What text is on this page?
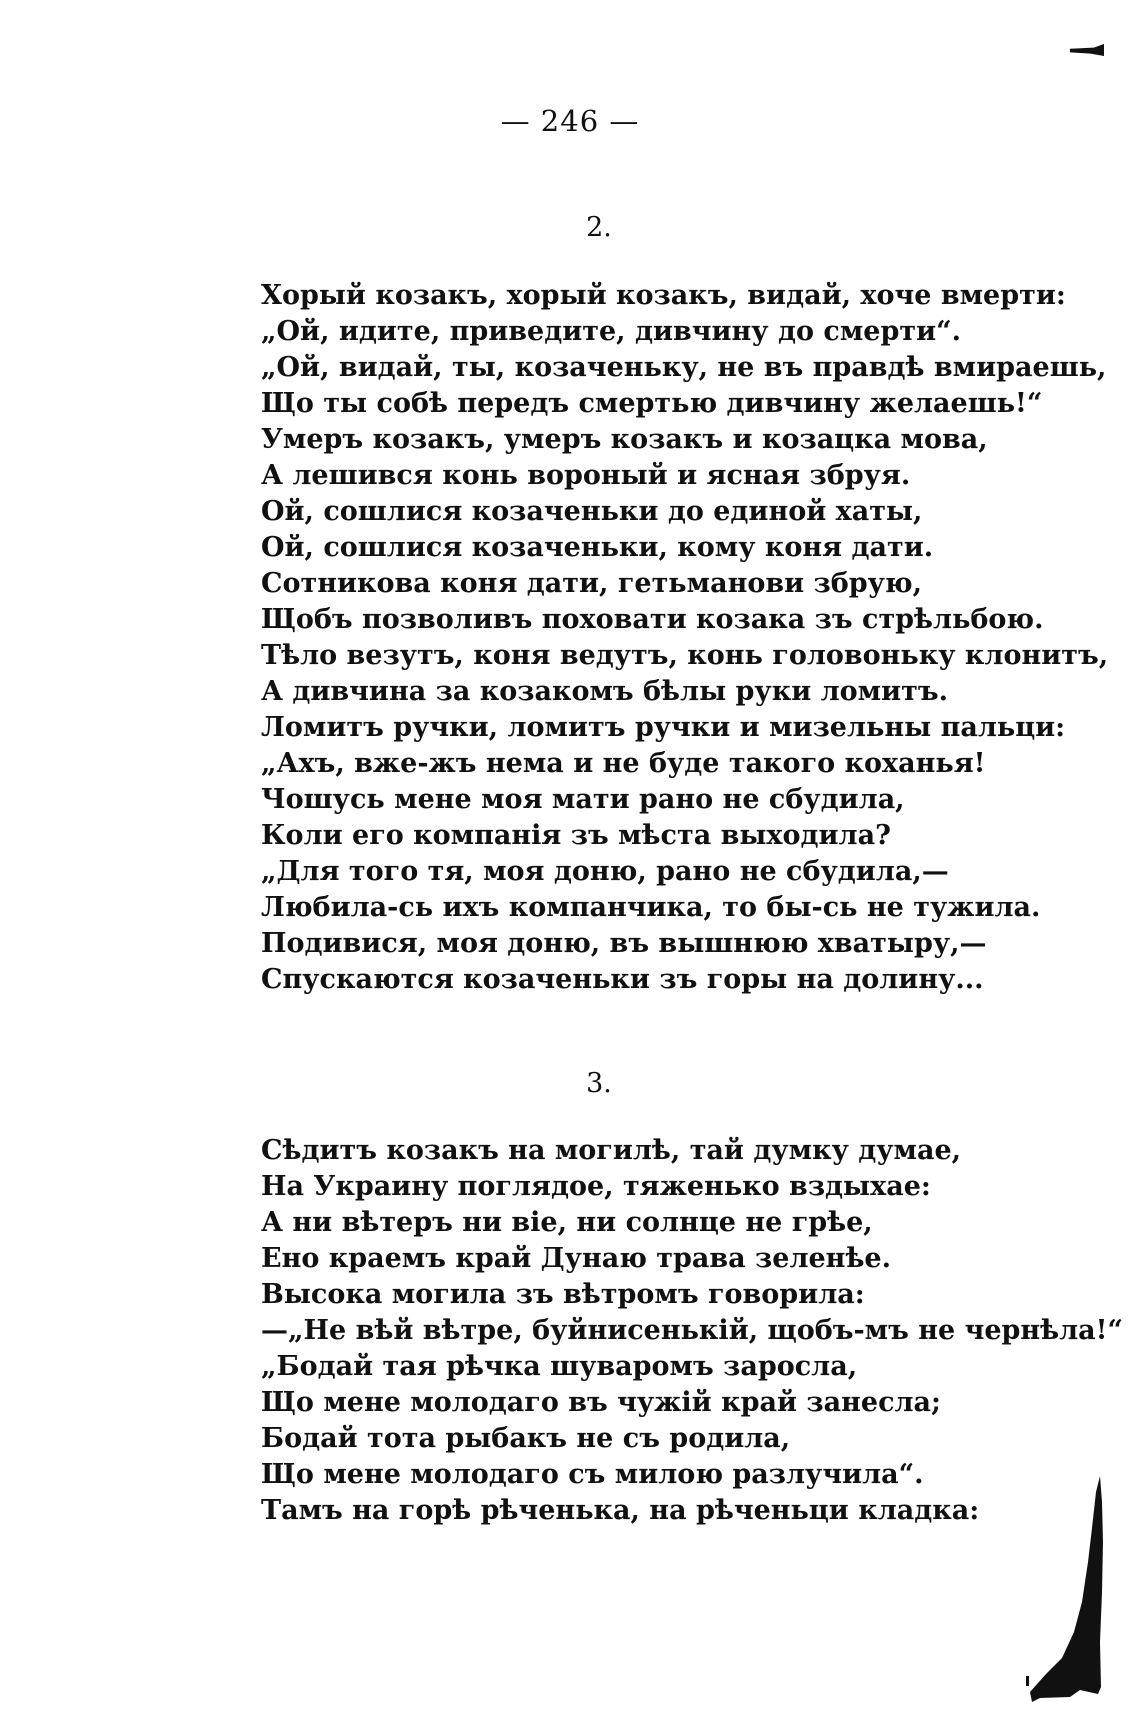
— 246 —
2.
Хорый козакъ, хорый козакъ, видай, хоче вмерти:
„Ой, идите, приведите, дивчину до смерти“.
„Ой, видай, ты, козаченьку, не въ правдѣ вмираешь,
Що ты собѣ передъ смертью дивчину желаешь!“
Умеръ козакъ, умеръ козакъ и козацка мова,
А лешився конь вороный и ясная збруя.
Ой, сошлися козаченьки до единой хаты,
Ой, сошлися козаченьки, кому коня дати.
Сотникова коня дати, гетьманови збрую,
Щобъ позволивъ поховати козака зъ стрѣльбою.
Тѣло везутъ, коня ведутъ, конь головоньку клонитъ,
А дивчина за козакомъ бѣлы руки ломитъ.
Ломитъ ручки, ломитъ ручки и мизельны пальци:
„Ахъ, вже-жъ нема и не буде такого коханья!
Чошусь мене моя мати рано не сбудила,
Коли его компанія зъ мѣста выходила?
„Для того тя, моя доню, рано не сбудила,—
Любила-сь ихъ компанчика, то бы-сь не тужила.
Подивися, моя доню, въ вышнюю хватыру,—
Спускаются козаченьки зъ горы на долину...
3.
Сѣдитъ козакъ на могилѣ, тай думку думае,
На Украину поглядое, тяженько вздыхае:
А ни вѣтеръ ни віе, ни солнце не грѣе,
Ено краемъ край Дунаю трава зеленѣе.
Высока могила зъ вѣтромъ говорила:
—„Не вѣй вѣтре, буйнисенькій, щобъ-мъ не чернѣла!“
„Бодай тая рѣчка шуваромъ заросла,
Що мене молодаго въ чужій край занесла;
Бодай тота рыбакъ не съ родила,
Що мене молодаго съ милою разлучила“.
Тамъ на горѣ рѣченька, на рѣченьци кладка:
